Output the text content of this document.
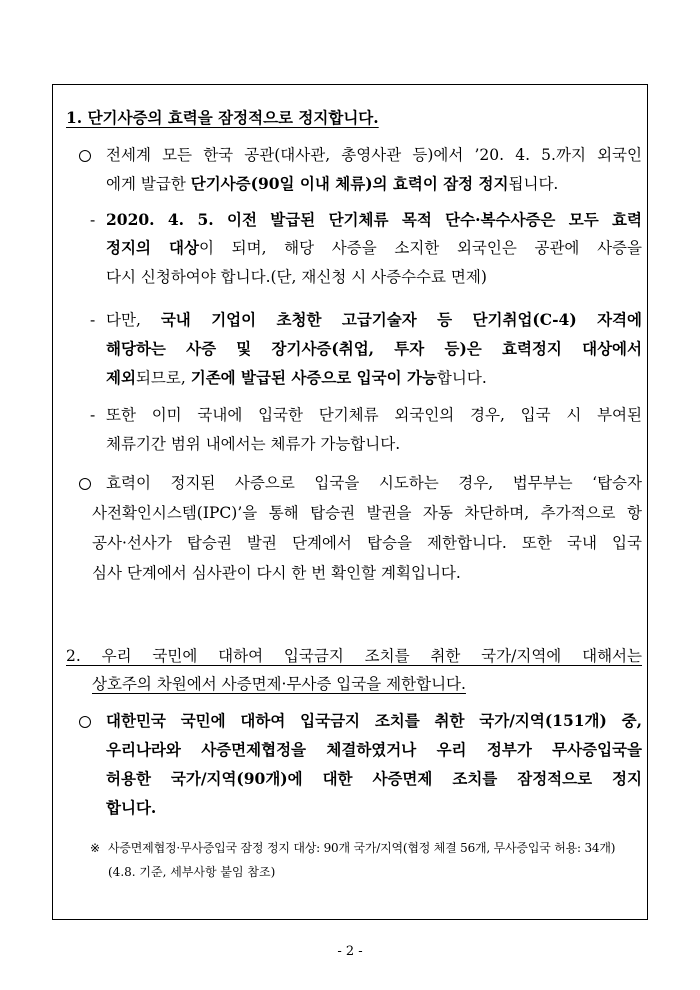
1. 단기사증의 효력을 잠정적으로 정지합니다.
전세계 모든 한국 공관(대사관, 총영사관 등)에서 ’20. 4. 5.까지 외국인
에게 발급한 단기사증(90일 이내 체류)의 효력이 잠정 정지됩니다.
- 2020. 4. 5. 이전 발급된 단기체류 목적 단수·복수사증은 모두 효력
정지의 대상이 되며, 해당 사증을 소지한 외국인은 공관에 사증을
다시 신청하여야 합니다.(단, 재신청 시 사증수수료 면제)
- 다만, 국내 기업이 초청한 고급기술자 등 단기취업(C-4) 자격에
해당하는 사증 및 장기사증(취업, 투자 등)은 효력정지 대상에서
제외되므로, 기존에 발급된 사증으로 입국이 가능합니다.
- 또한 이미 국내에 입국한 단기체류 외국인의 경우, 입국 시 부여된
체류기간 범위 내에서는 체류가 가능합니다.
효력이 정지된 사증으로 입국을 시도하는 경우, 법무부는 ‘탑승자
사전확인시스템(IPC)’을 통해 탑승권 발권을 자동 차단하며, 추가적으로 항
공사·선사가 탑승권 발권 단계에서 탑승을 제한합니다. 또한 국내 입국
심사 단계에서 심사관이 다시 한 번 확인할 계획입니다.
2. 우리 국민에 대하여 입국금지 조치를 취한 국가/지역에 대해서는
상호주의 차원에서 사증면제·무사증 입국을 제한합니다.
대한민국 국민에 대하여 입국금지 조치를 취한 국가/지역(151개) 중,
우리나라와 사증면제협정을 체결하였거나 우리 정부가 무사증입국을
허용한 국가/지역(90개)에 대한 사증면제 조치를 잠정적으로 정지
합니다.
※ 사증면제협정·무사증입국 잠정 정지 대상: 90개 국가/지역(협정 체결 56개, 무사증입국 허용: 34개)
(4.8. 기준, 세부사항 붙임 참조)
- 2 -
